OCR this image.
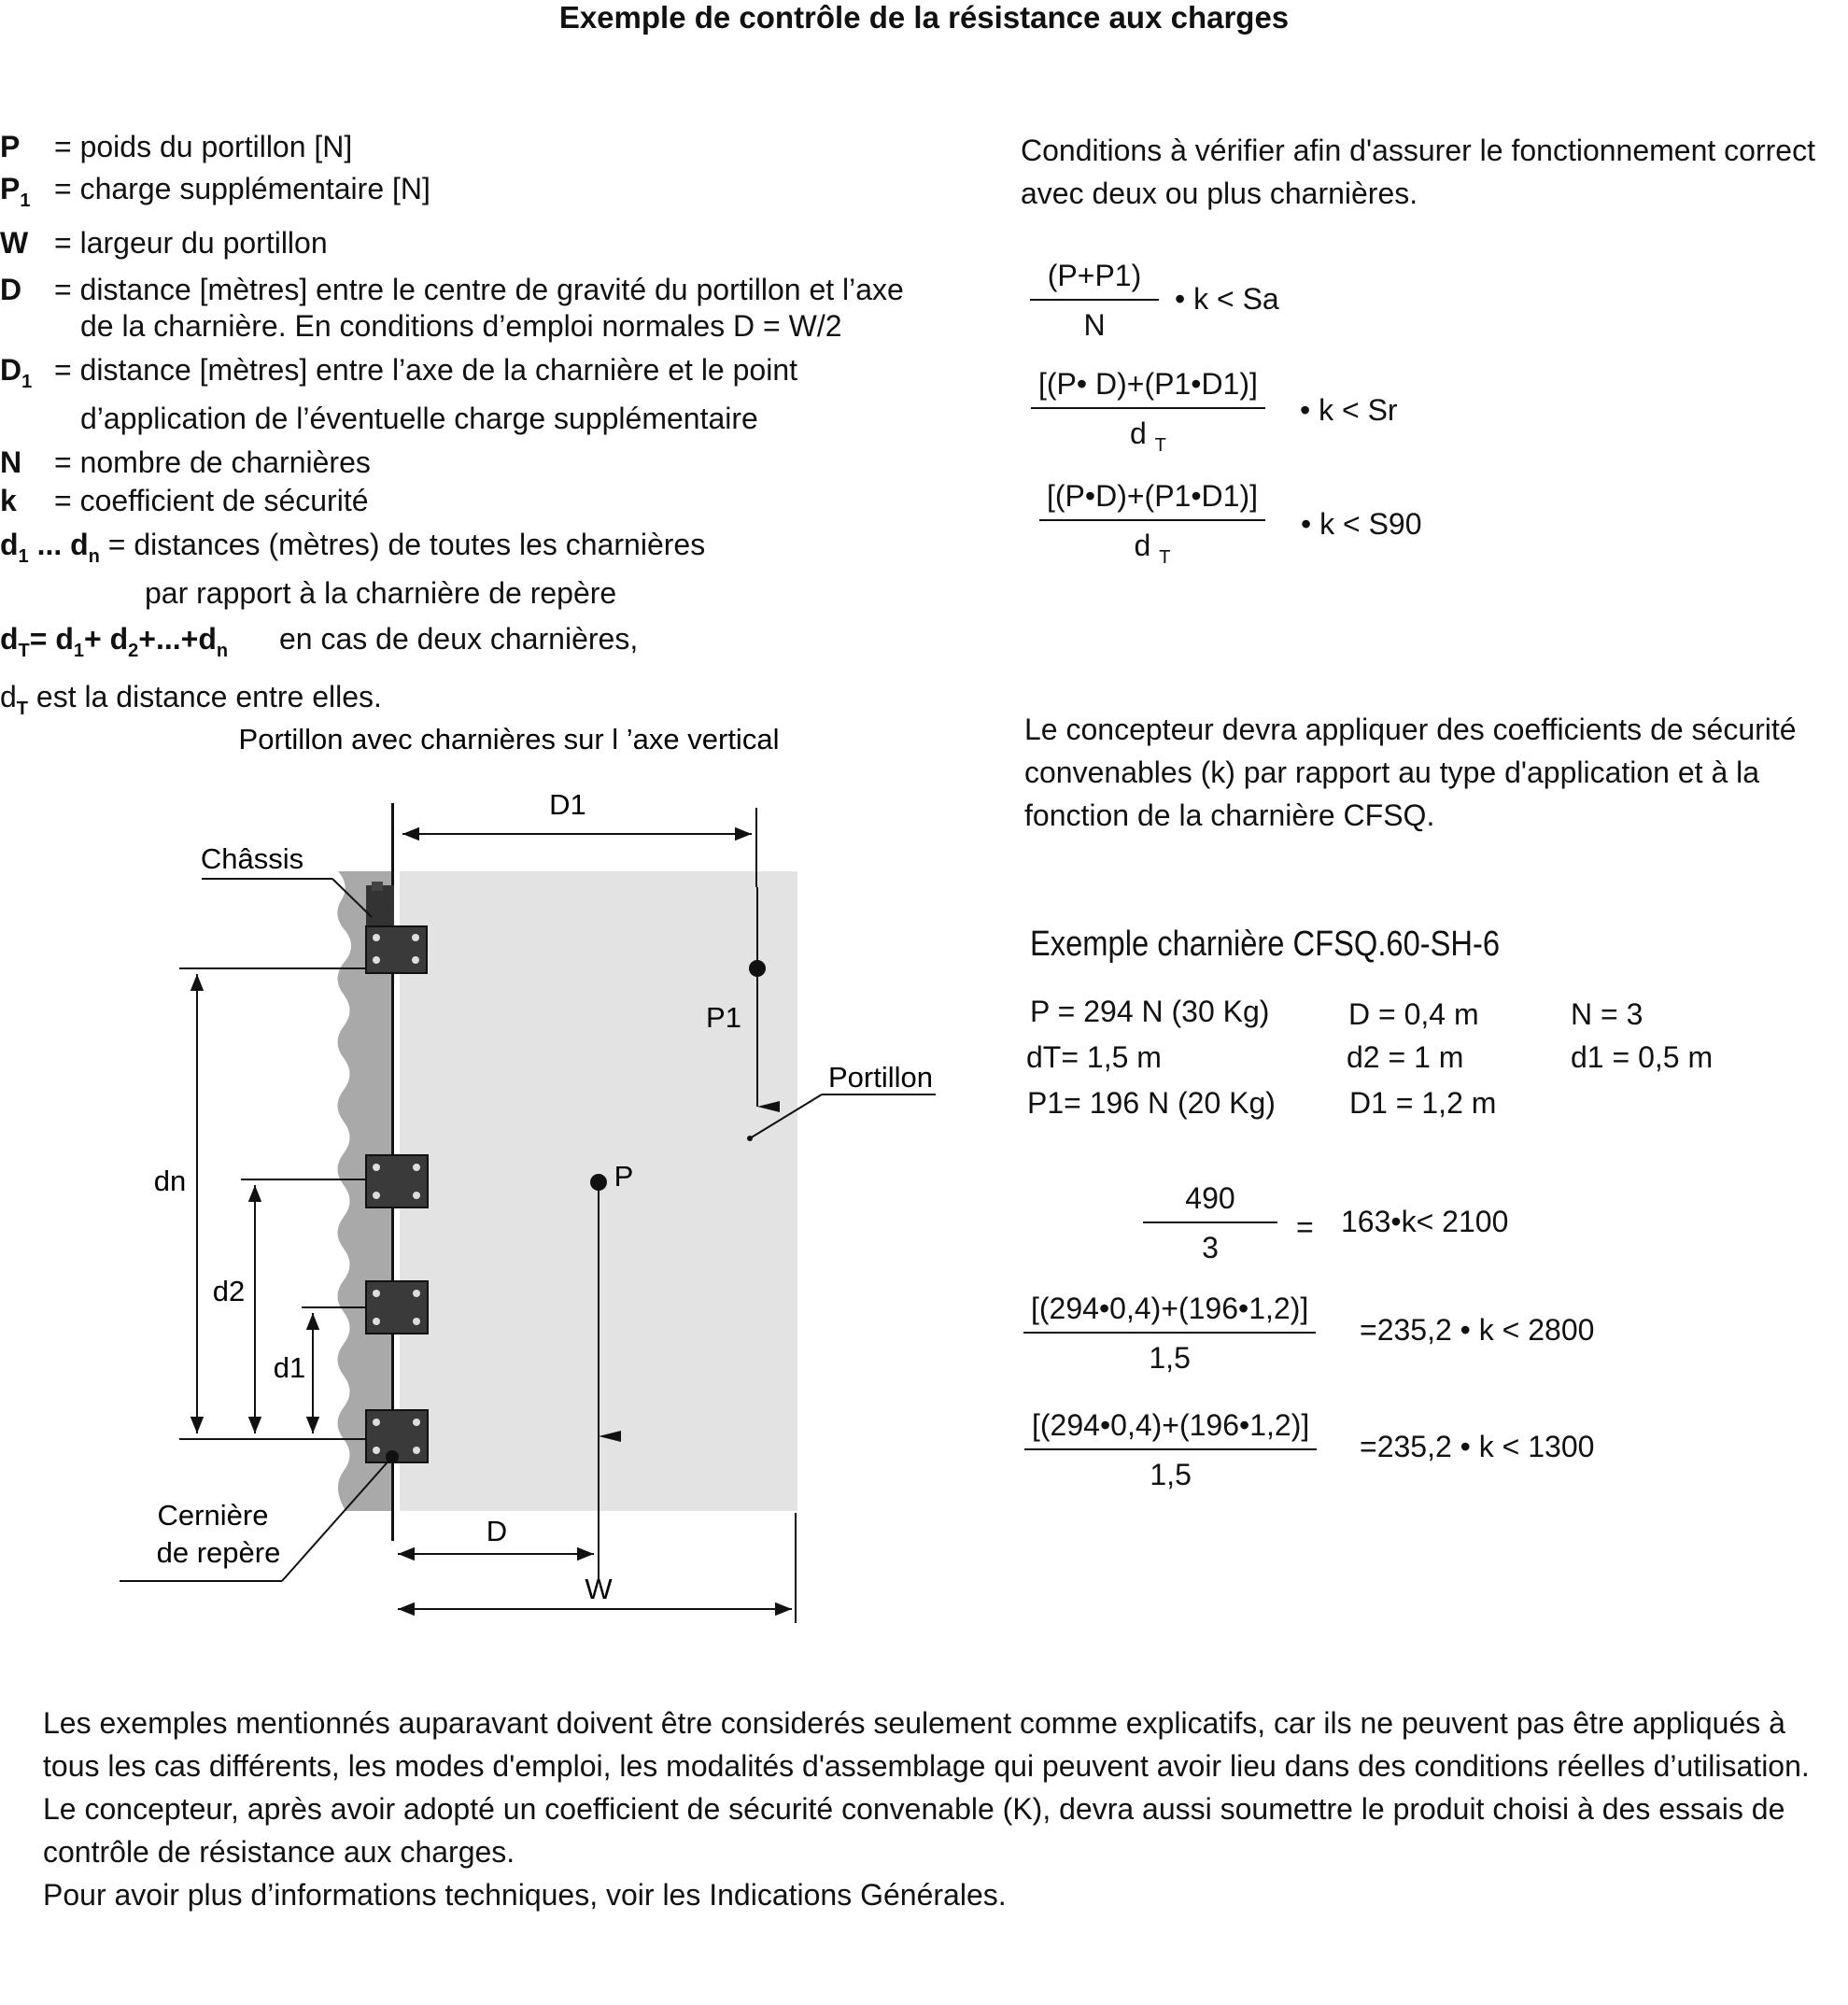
Exemple de contrôle de la résistance aux charges
P = poids du portillon [N]
$P_1$ = charge supplémentaire [N]
W = largeur du portillon
D = distance [mètres] entre le centre de gravité du portillon et l’axe
de la charnière. En conditions d’emploi normales D = W/2
$D_1$ = distance [mètres] entre l’axe de la charnière et le point
d’application de l’éventuelle charge supplémentaire
N = nombre de charnières
k = coefficient de sécurité
$d_1$ ... $d_n$ = distances (mètres) de toutes les charnières
par rapport à la charnière de repère
$d_T= d_1+ d_2+...+d_n$ en cas de deux charnières,
$d_T$ est la distance entre elles.
Conditions à vérifier afin d'assurer le fonctionnement correct avec deux ou plus charnières.
$\frac{(P+P1)}{N}$ • k < Sa
$\frac{[(P• D)+(P1•D1)]}{d _T}$ • k < Sr
$\frac{[(P•D)+(P1•D1)]}{d _T}$ • k < S90
Le concepteur devra appliquer des coefficients de sécurité convenables (k) par rapport au type d'application et à la fonction de la charnière CFSQ.
Portillon avec charnières sur l ’axe vertical
D1
P1
Portillon
P
Châssis
dn
d2
d1
Cernière
de repère
D
W
Exemple charnière CFSQ.60-SH-6
P = 294 N (30 Kg)	D = 0,4 m	N = 3
dT= 1,5 m	d2 = 1 m	d1 = 0,5 m
P1= 196 N (20 Kg) D1 = 1,2 m
$\frac{490}{3}$ = 163•k< 2100
$\frac{[(294•0,4)+(196•1,2)]}{1,5} =235,2$ • k < 2800
$\frac{[(294•0,4)+(196•1,2)]}{1,5} =235,2$ • k < 1300
Les exemples mentionnés auparavant doivent être considerés seulement comme explicatifs, car ils ne peuvent pas être appliqués à tous les cas différents, les modes d'emploi, les modalités d'assemblage qui peuvent avoir lieu dans des conditions réelles d’utilisation. Le concepteur, après avoir adopté un coefficient de sécurité convenable (K), devra aussi soumettre le produit choisi à des essais de contrôle de résistance aux charges.
Pour avoir plus d’informations techniques, voir les Indications Générales.
